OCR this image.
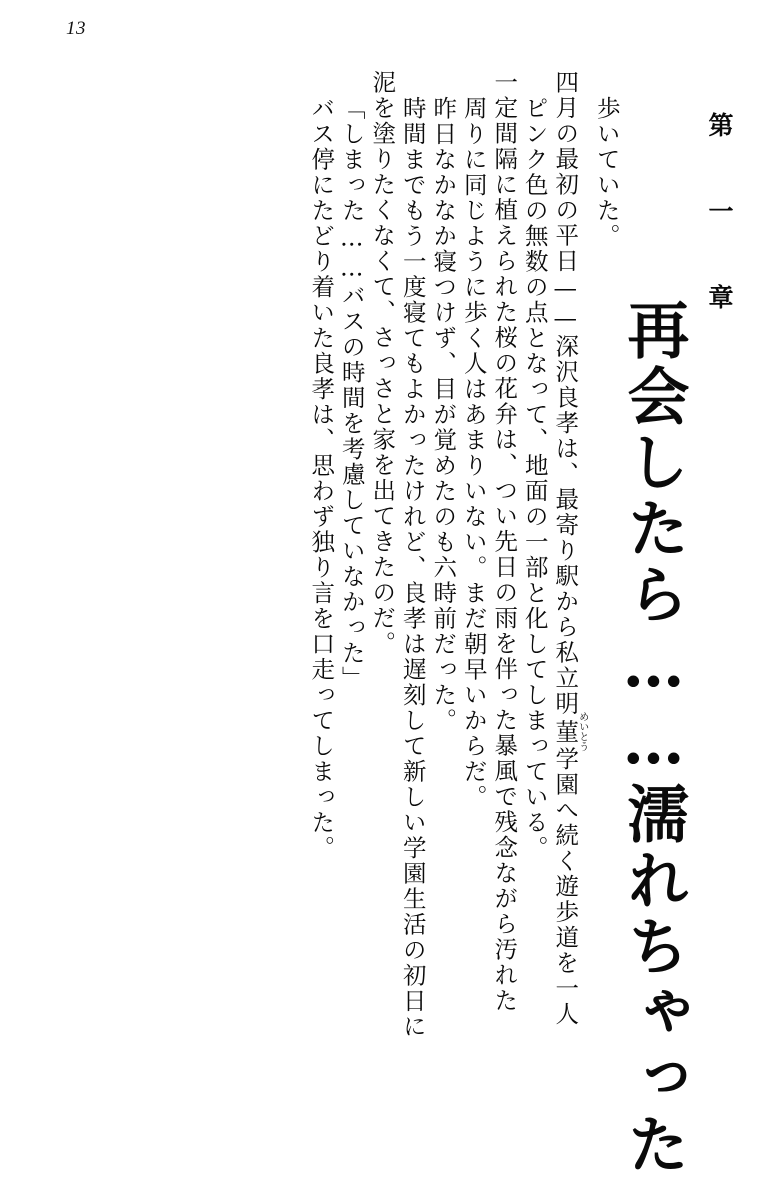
13
第 一 章
再会したら……濡れちゃった
歩いていた。
四月の最初の平日——深沢良孝は、最寄り駅から私立明菫めいとう学園へ続く遊歩道を一人
ピンク色の無数の点となって、地面の一部と化してしまっている。
一定間隔に植えられた桜の花弁は、つい先日の雨を伴った暴風で残念ながら汚れた
周りに同じように歩く人はあまりいない。まだ朝早いからだ。
昨日なかなか寝つけず、目が覚めたのも六時前だった。
時間までもう一度寝てもよかったけれど、良孝は遅刻して新しい学園生活の初日に
泥を塗りたくなくて、さっさと家を出てきたのだ。
「しまった……バスの時間を考慮していなかった」
バス停にたどり着いた良孝は、思わず独り言を口走ってしまった。
